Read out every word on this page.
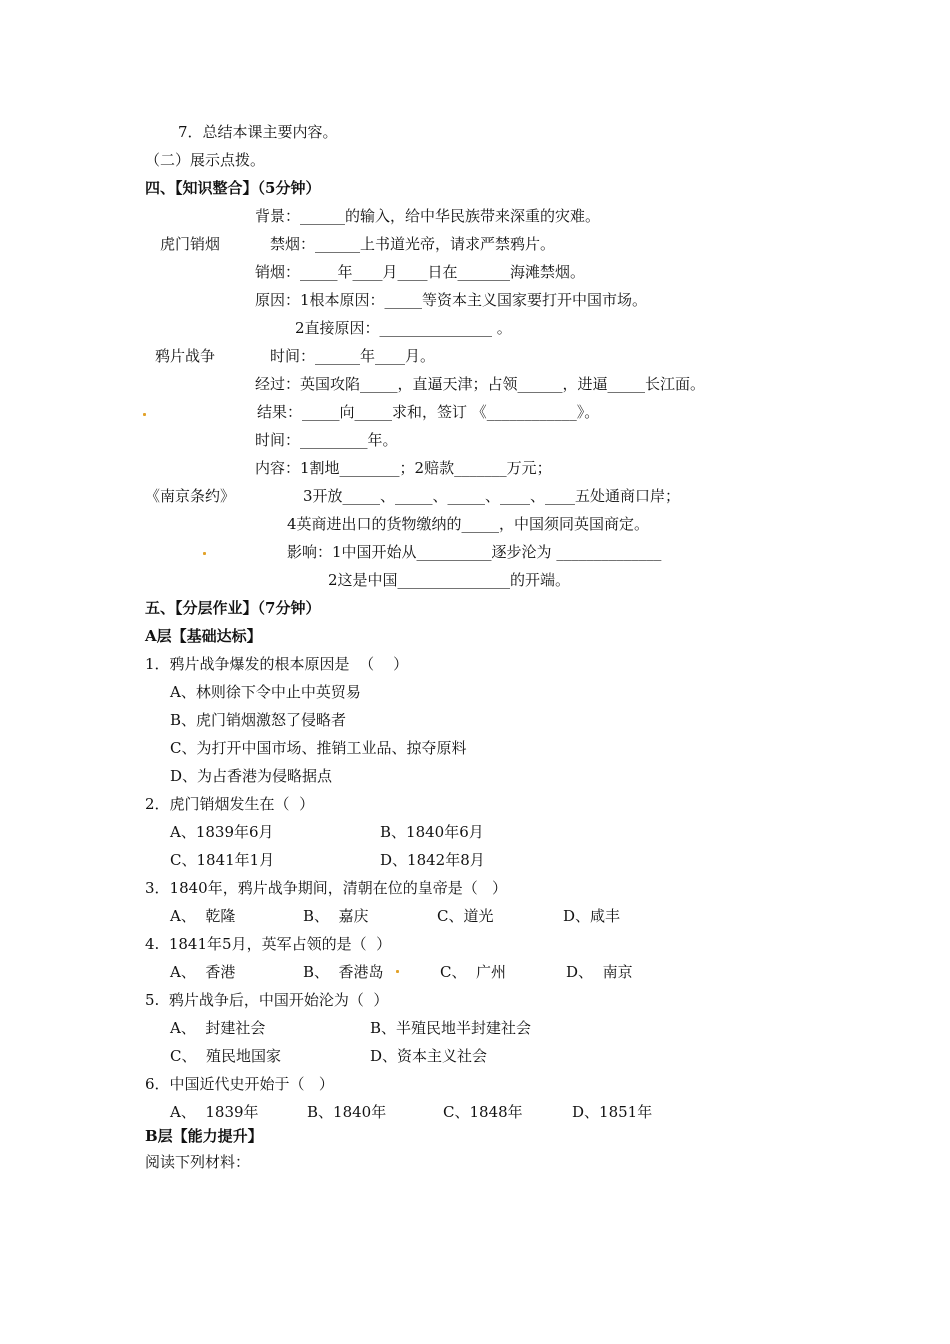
7．总结本课主要内容。
（二）展示点拨。
四、【知识整合】（5分钟）
背景：______的输入，给中华民族带来深重的灾难。
虎门销烟	禁烟：______上书道光帝，请求严禁鸦片。
销烟：_____年____月____日在_______海滩禁烟。
原因：1根本原因：_____等资本主义国家要打开中国市场。
2直接原因：_______________ 。
鸦片战争	时间：______年____月。
经过：英国攻陷_____，直逼天津；占领______，进逼_____长江面。
结果：_____向_____求和，签订 《____________》。
时间：_________年。
内容：1割地________；2赔款_______万元；
《南京条约》	3开放_____、_____、_____、____、____五处通商口岸；
4英商进出口的货物缴纳的_____，中国须同英国商定。
影响：1中国开始从__________逐步沦为 ______________
2这是中国_______________的开端。
五、【分层作业】（7分钟）
A层【基础达标】
1．鸦片战争爆发的根本原因是  （    ）
A、林则徐下令中止中英贸易
B、虎门销烟激怒了侵略者
C、为打开中国市场、推销工业品、掠夺原料
D、为占香港为侵略据点
2．虎门销烟发生在（  ）
A、1839年6月	B、1840年6月
C、1841年1月	D、1842年8月
3．1840年，鸦片战争期间，清朝在位的皇帝是（   ）
A、  乾隆	B、  嘉庆	C、道光	D、咸丰
4.  1841年5月，英军占领的是（  ）
A、  香港	B、  香港岛	C、  广州	D、  南京
5.  鸦片战争后，中国开始沦为（  ）
A、  封建社会	B、半殖民地半封建社会
C、  殖民地国家	D、资本主义社会
6．中国近代史开始于（   ）
A、  1839年	B、1840年	C、1848年	D、1851年
B层【能力提升】
阅读下列材料：
